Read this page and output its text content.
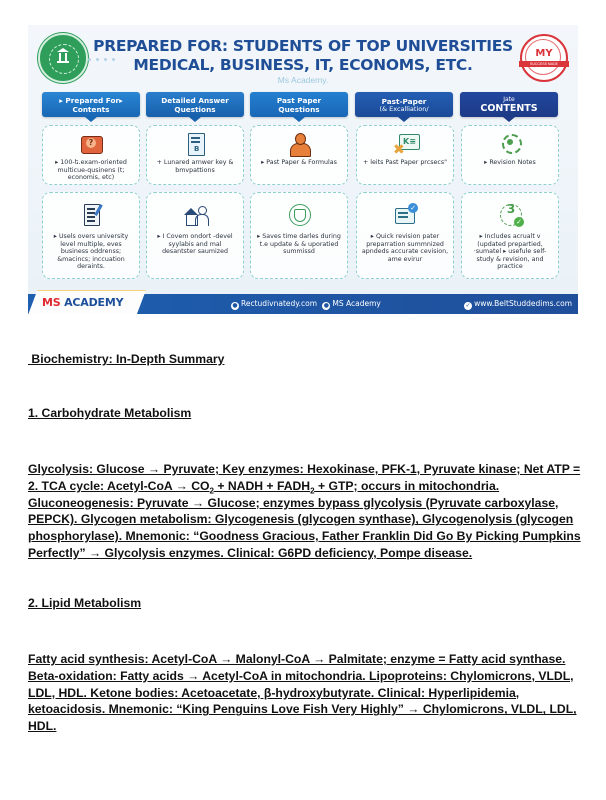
PREPARED FOR: STUDENTS OF TOP UNIVERSITIES
MEDICAL, BUSINESS, IT, ECONOMS, ETC.
Ms Academy.
MY
SUCCESS MADE
▸ Prepared For▸
Contents
Detailed Answer
Questions
Past Paper
Questions
Past-Paper
(& Excalliation/
Jate
CONTENTS
?
▸ 100-ե.exam-oriented multicue-qusinens (t; economis, etc)
B
+ Lunared arnwer key & bmvpattions
▸ Past Paper & Formulas
K≡
✖
+ leits Past Paper prcsecs"	▸ Revision Notes
▸ Usels overs university level multiple, eves business oddrenss; &macincs; inccuation deraints.
▸ I Covem ondort -devel syylabis and mal desantster saumized
▸ Saves time darles during t.e update & & uporatied summissd
✓
▸ Quick revision pater preparration summnized apndeds accurate cevision, ame evirur
3
✓
▸ Includes acrualt v (updated prepartied, ·sumatel ▸ usefule self-study & revision, and practice
MS ACADEMY	● Rectudivnatedy.com ● MS Academy	✓ www.BeltStuddedims.com
Biochemistry: In-Depth Summary
1. Carbohydrate Metabolism
Glycolysis: Glucose → Pyruvate; Key enzymes: Hexokinase, PFK-1, Pyruvate kinase; Net ATP = 2. TCA cycle: Acetyl-CoA → $CO_2$ + NADH + $FADH_2$ + GTP; occurs in mitochondria. Gluconeogenesis: Pyruvate → Glucose; enzymes bypass glycolysis (Pyruvate carboxylase, PEPCK). Glycogen metabolism: Glycogenesis (glycogen synthase), Glycogenolysis (glycogen phosphorylase). Mnemonic: “Goodness Gracious, Father Franklin Did Go By Picking Pumpkins Perfectly” → Glycolysis enzymes. Clinical: G6PD deficiency, Pompe disease.
2. Lipid Metabolism
Fatty acid synthesis: Acetyl-CoA → Malonyl-CoA → Palmitate; enzyme = Fatty acid synthase. Beta-oxidation: Fatty acids → Acetyl-CoA in mitochondria. Lipoproteins: Chylomicrons, VLDL, LDL, HDL. Ketone bodies: Acetoacetate, β-hydroxybutyrate. Clinical: Hyperlipidemia, ketoacidosis. Mnemonic: “King Penguins Love Fish Very Highly” → Chylomicrons, VLDL, LDL, HDL.
